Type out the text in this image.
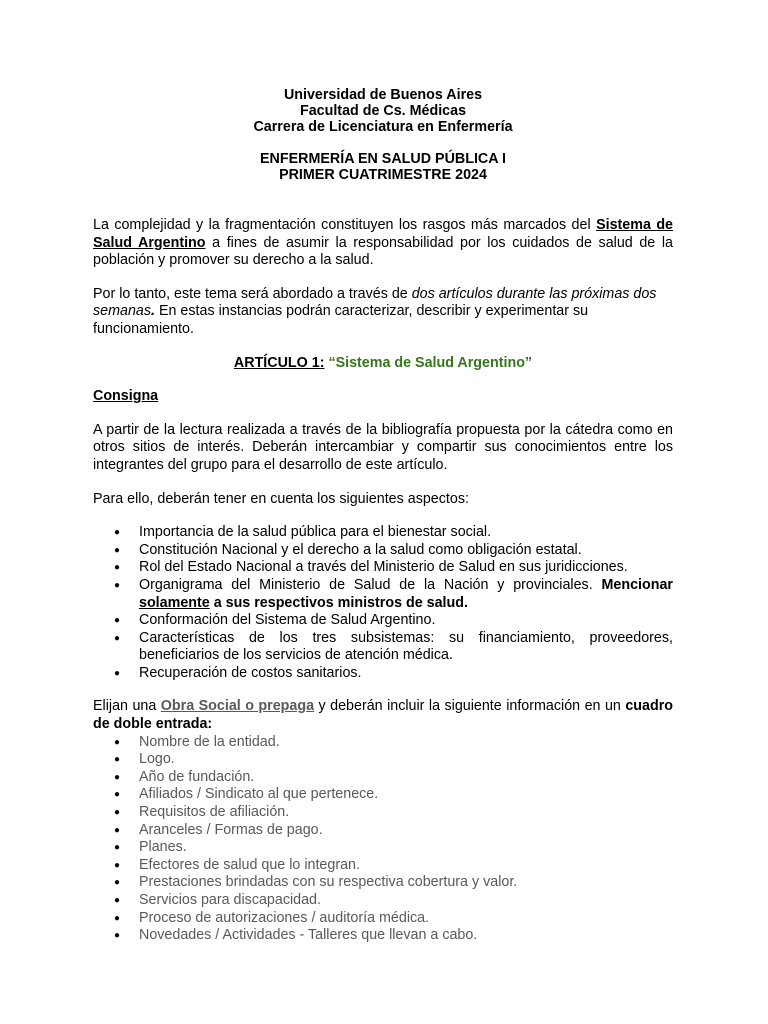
Universidad de Buenos Aires
Facultad de Cs. Médicas
Carrera de Licenciatura en Enfermería
ENFERMERÍA EN SALUD PÚBLICA I
PRIMER CUATRIMESTRE 2024

La complejidad y la fragmentación constituyen los rasgos más marcados del Sistema de Salud Argentino a fines de asumir la responsabilidad por los cuidados de salud de la población y promover su derecho a la salud.

Por lo tanto, este tema será abordado a través de dos artículos durante las próximas dos semanas. En estas instancias podrán caracterizar, describir y experimentar su funcionamiento.

ARTÍCULO 1: “Sistema de Salud Argentino”

Consigna

A partir de la lectura realizada a través de la bibliografía propuesta por la cátedra como en otros sitios de interés. Deberán intercambiar y compartir sus conocimientos entre los integrantes del grupo para el desarrollo de este artículo.

Para ello, deberán tener en cuenta los siguientes aspectos:

● Importancia de la salud pública para el bienestar social.
● Constitución Nacional y el derecho a la salud como obligación estatal.
● Rol del Estado Nacional a través del Ministerio de Salud en sus juridicciones.
● Organigrama del Ministerio de Salud de la Nación y provinciales. Mencionar solamente a sus respectivos ministros de salud.
● Conformación del Sistema de Salud Argentino.
● Características de los tres subsistemas: su financiamiento, proveedores, beneficiarios de los servicios de atención médica.
● Recuperación de costos sanitarios.

Elijan una Obra Social o prepaga y deberán incluir la siguiente información en un cuadro de doble entrada:

● Nombre de la entidad.
● Logo.
● Año de fundación.
● Afiliados / Sindicato al que pertenece.
● Requisitos de afiliación.
● Aranceles / Formas de pago.
● Planes.
● Efectores de salud que lo integran.
● Prestaciones brindadas con su respectiva cobertura y valor.
● Servicios para discapacidad.
● Proceso de autorizaciones / auditoría médica.
● Novedades / Actividades - Talleres que llevan a cabo.
